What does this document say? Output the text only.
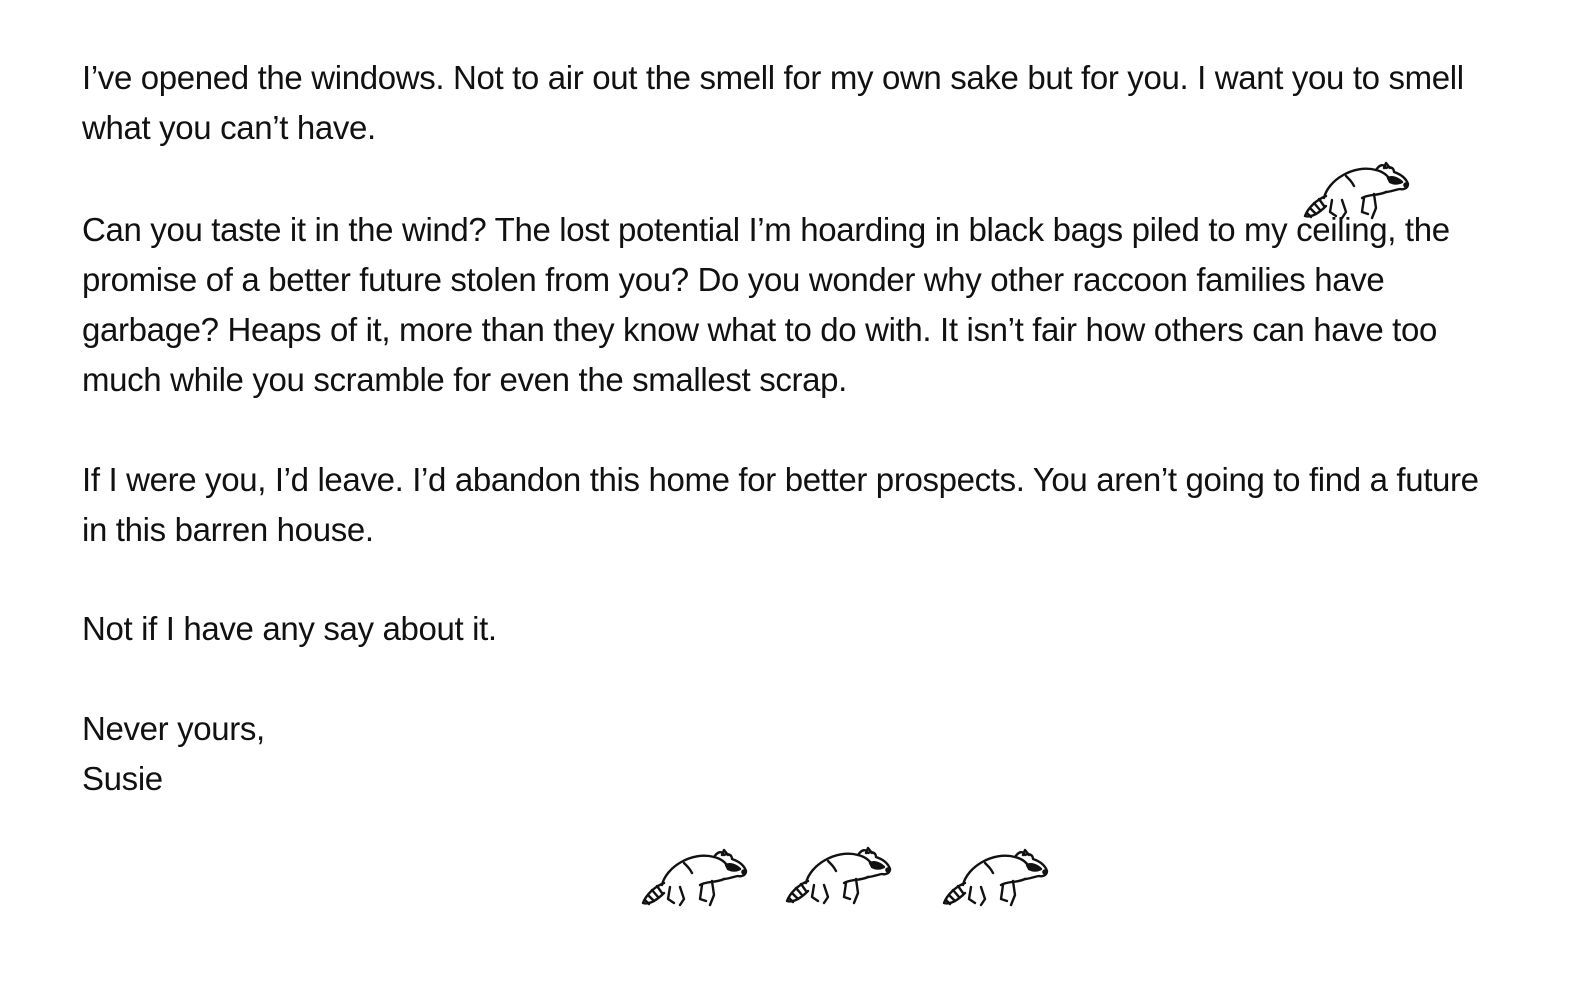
I’ve opened the windows. Not to air out the smell for my own sake but for you. I want you to smell what you can’t have.

Can you taste it in the wind? The lost potential I’m hoarding in black bags piled to my ceiling, the promise of a better future stolen from you? Do you wonder why other raccoon families have garbage? Heaps of it, more than they know what to do with. It isn’t fair how others can have too much while you scramble for even the smallest scrap.

If I were you, I’d leave. I’d abandon this home for better prospects. You aren’t going to find a future in this barren house.

Not if I have any say about it.

Never yours,

Susie
